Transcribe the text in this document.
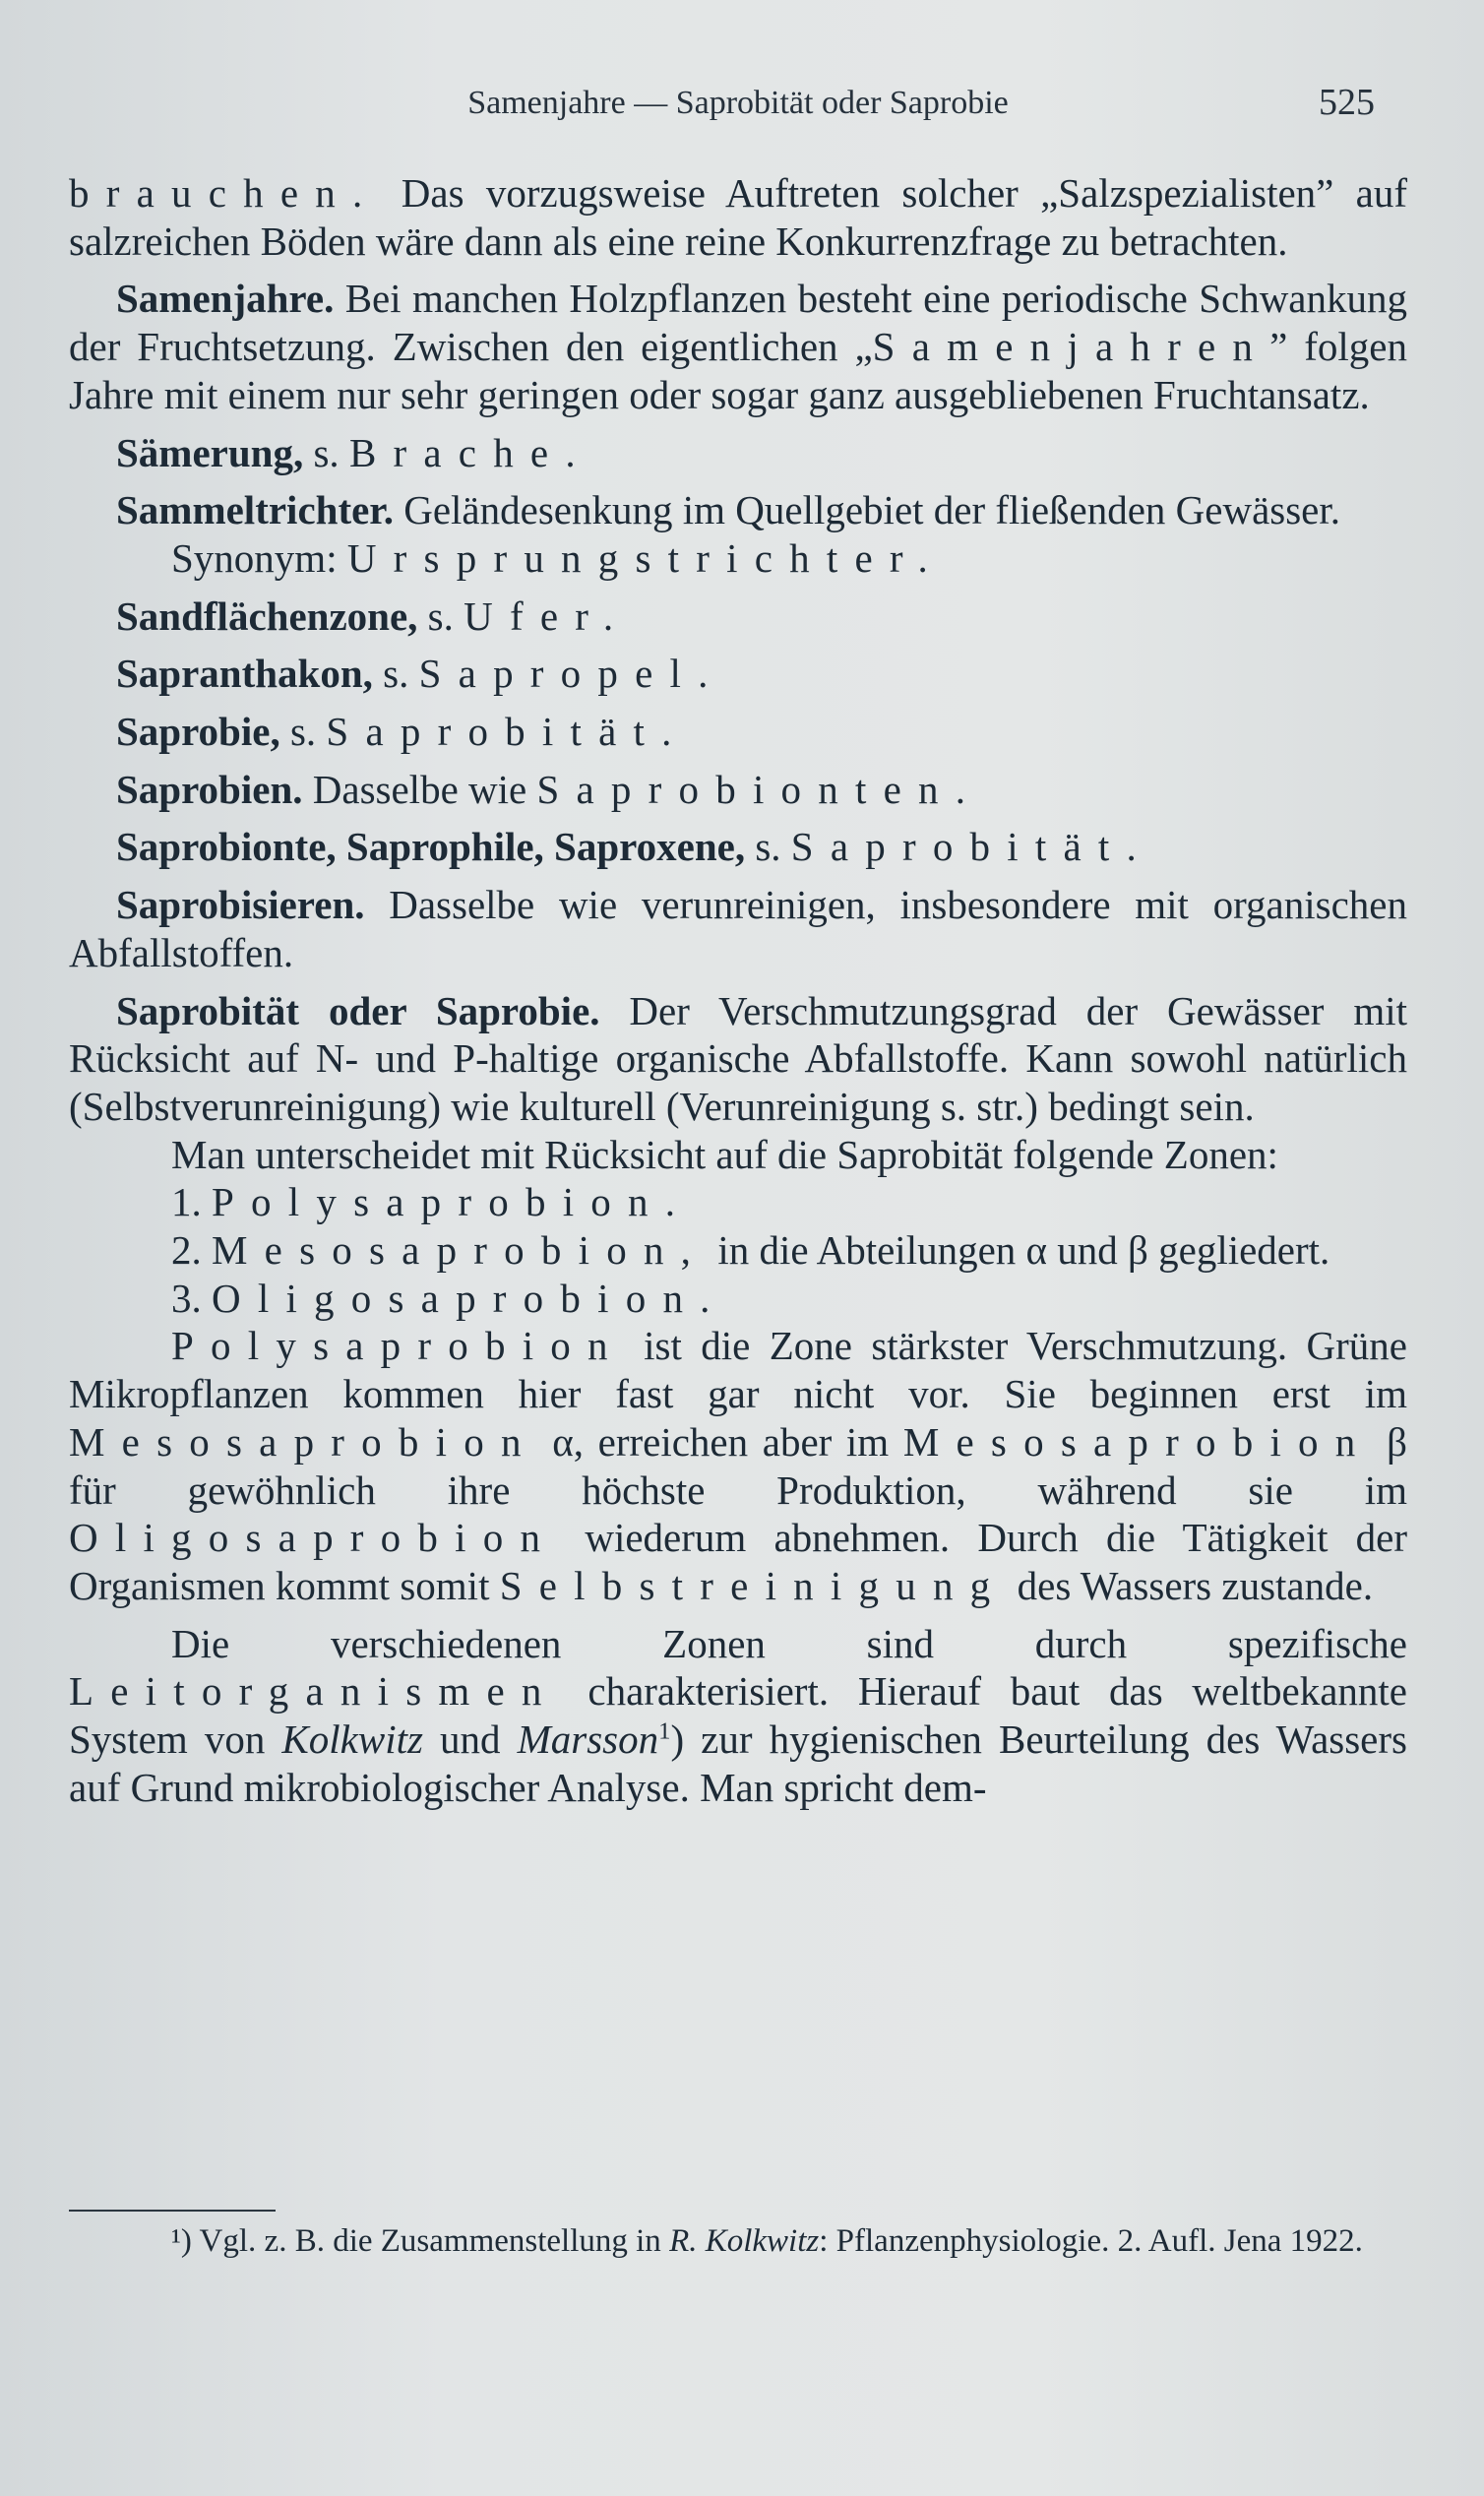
Samenjahre — Saprobität oder Saprobie	525

brauchen. Das vorzugsweise Auftreten solcher „Salzspezialisten” auf salzreichen Böden wäre dann als eine reine Konkurrenzfrage zu betrachten.

Samenjahre. Bei manchen Holzpflanzen besteht eine periodische Schwankung der Fruchtsetzung. Zwischen den eigentlichen „Samenjahren” folgen Jahre mit einem nur sehr geringen oder sogar ganz ausgebliebenen Fruchtansatz.

Sämerung, s. Brache.

Sammeltrichter. Geländesenkung im Quellgebiet der fließenden Gewässer.

Synonym: Ursprungstrichter.

Sandflächenzone, s. Ufer.

Sapranthakon, s. Sapropel.

Saprobie, s. Saprobität.

Saprobien. Dasselbe wie Saprobionten.

Saprobionte, Saprophile, Saproxene, s. Saprobität.

Saprobisieren. Dasselbe wie verunreinigen, insbesondere mit organischen Abfallstoffen.

Saprobität oder Saprobie. Der Verschmutzungsgrad der Gewässer mit Rücksicht auf N- und P-haltige organische Abfallstoffe. Kann sowohl natürlich (Selbstverunreinigung) wie kulturell (Verunreinigung s. str.) bedingt sein.

Man unterscheidet mit Rücksicht auf die Saprobität folgende Zonen:

1. Polysaprobion.

2. Mesosaprobion, in die Abteilungen α und β gegliedert.

3. Oligosaprobion.

Polysaprobion ist die Zone stärkster Verschmutzung. Grüne Mikropflanzen kommen hier fast gar nicht vor. Sie beginnen erst im Mesosaprobion α, erreichen aber im Mesosaprobion β für gewöhnlich ihre höchste Produktion, während sie im Oligosaprobion wiederum abnehmen. Durch die Tätigkeit der Organismen kommt somit Selbstreinigung des Wassers zustande.

Die verschiedenen Zonen sind durch spezifische Leitorganismen charakterisiert. Hierauf baut das weltbekannte System von Kolkwitz und Marsson$^1$) zur hygienischen Beurteilung des Wassers auf Grund mikrobiologischer Analyse. Man spricht dem-

¹) Vgl. z. B. die Zusammenstellung in R. Kolkwitz: Pflanzenphysiologie. 2. Aufl. Jena 1922.
